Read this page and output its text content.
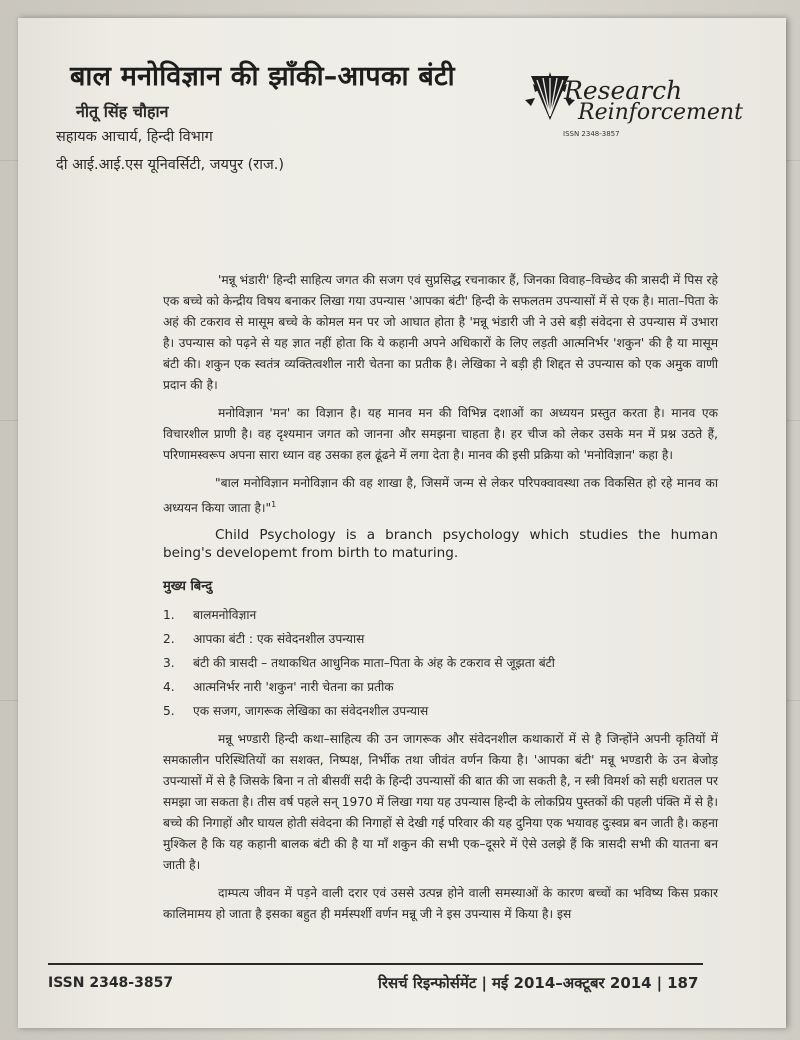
बाल मनोविज्ञान की झाँकी–आपका बंटी
नीतू सिंह चौहान
सहायक आचार्य, हिन्दी विभाग
दी आई.आई.एस यूनिवर्सिटी, जयपुर (राज.)
Research
Reinforcement
ISSN 2348-3857

'मन्नू भंडारी' हिन्दी साहित्य जगत की सजग एवं सुप्रसिद्ध रचनाकार हैं, जिनका विवाह–विच्छेद की त्रासदी में पिस रहे एक बच्चे को केन्द्रीय विषय बनाकर लिखा गया उपन्यास 'आपका बंटी' हिन्दी के सफलतम उपन्यासों में से एक है। माता–पिता के अहं की टकराव से मासूम बच्चे के कोमल मन पर जो आघात होता है 'मन्नू भंडारी जी ने उसे बड़ी संवेदना से उपन्यास में उभारा है। उपन्यास को पढ़ने से यह ज्ञात नहीं होता कि ये कहानी अपने अधिकारों के लिए लड़ती आत्मनिर्भर 'शकुन' की है या मासूम बंटी की। शकुन एक स्वतंत्र व्यक्तित्वशील नारी चेतना का प्रतीक है। लेखिका ने बड़ी ही शिद्दत से उपन्यास को एक अमुक वाणी प्रदान की है।

मनोविज्ञान 'मन' का विज्ञान है। यह मानव मन की विभिन्न दशाओं का अध्ययन प्रस्तुत करता है। मानव एक विचारशील प्राणी है। वह दृश्यमान जगत को जानना और समझना चाहता है। हर चीज को लेकर उसके मन में प्रश्न उठते हैं, परिणामस्वरूप अपना सारा ध्यान वह उसका हल ढूंढने में लगा देता है। मानव की इसी प्रक्रिया को 'मनोविज्ञान' कहा है।

"बाल मनोविज्ञान मनोविज्ञान की वह शाखा है, जिसमें जन्म से लेकर परिपक्वावस्था तक विकसित हो रहे मानव का अध्ययन किया जाता है।"$^1$

Child Psychology is a branch psychology which studies the human being's developemt from birth to maturing.

मुख्य बिन्दु
1.	बालमनोविज्ञान
2.	आपका बंटी : एक संवेदनशील उपन्यास
3.	बंटी की त्रासदी – तथाकथित आधुनिक माता–पिता के अंह के टकराव से जूझता बंटी
4.	आत्मनिर्भर नारी 'शकुन' नारी चेतना का प्रतीक
5.	एक सजग, जागरूक लेखिका का संवेदनशील उपन्यास

मन्नू भण्डारी हिन्दी कथा–साहित्य की उन जागरूक और संवेदनशील कथाकारों में से है जिन्होंने अपनी कृतियों में समकालीन परिस्थितियों का सशक्त, निष्पक्ष, निर्भीक तथा जीवंत वर्णन किया है। 'आपका बंटी' मन्नू भण्डारी के उन बेजोड़ उपन्यासों में से है जिसके बिना न तो बीसवीं सदी के हिन्दी उपन्यासों की बात की जा सकती है, न स्त्री विमर्श को सही धरातल पर समझा जा सकता है। तीस वर्ष पहले सन् 1970 में लिखा गया यह उपन्यास हिन्दी के लोकप्रिय पुस्तकों की पहली पंक्ति में से है। बच्चे की निगाहों और घायल होती संवेदना की निगाहों से देखी गई परिवार की यह दुनिया एक भयावह दुःस्वप्न बन जाती है। कहना मुश्किल है कि यह कहानी बालक बंटी की है या माँ शकुन की सभी एक–दूसरे में ऐसे उलझे हैं कि त्रासदी सभी की यातना बन जाती है।

दाम्पत्य जीवन में पड़ने वाली दरार एवं उससे उत्पन्न होने वाली समस्याओं के कारण बच्चों का भविष्य किस प्रकार कालिमामय हो जाता है इसका बहुत ही मर्मस्पर्शी वर्णन मन्नू जी ने इस उपन्यास में किया है। इस

ISSN 2348-3857	रिसर्च रिइन्फोर्समेंट | मई 2014–अक्टूबर 2014 | 187
